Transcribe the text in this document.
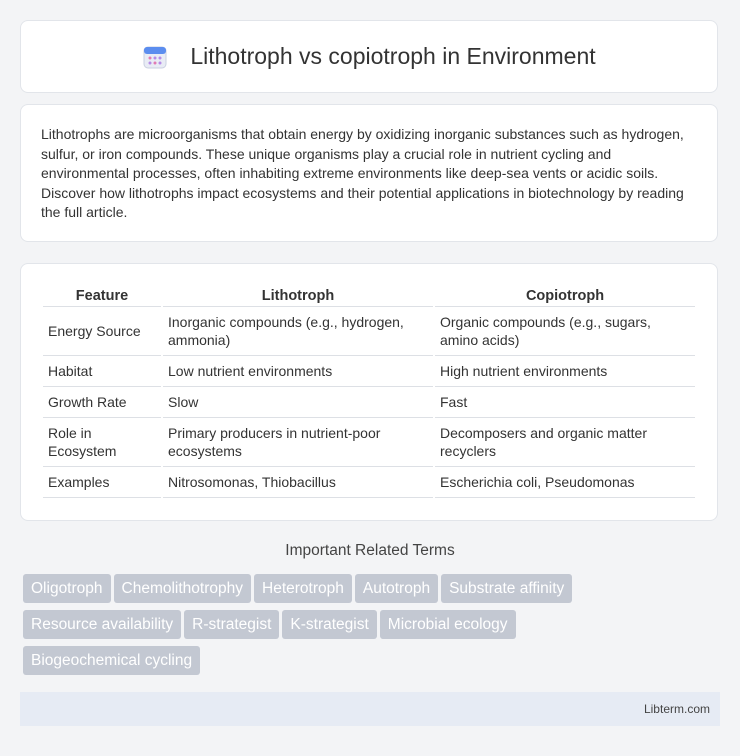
Lithotroph vs copiotroph in Environment

Lithotrophs are microorganisms that obtain energy by oxidizing inorganic substances such as hydrogen, sulfur, or iron compounds. These unique organisms play a crucial role in nutrient cycling and environmental processes, often inhabiting extreme environments like deep-sea vents or acidic soils. Discover how lithotrophs impact ecosystems and their potential applications in biotechnology by reading the full article.

Feature	Lithotroph	Copiotroph
Energy Source	Inorganic compounds (e.g., hydrogen, ammonia)	Organic compounds (e.g., sugars, amino acids)
Habitat	Low nutrient environments	High nutrient environments
Growth Rate	Slow	Fast
Role in Ecosystem	Primary producers in nutrient-poor ecosystems	Decomposers and organic matter recyclers
Examples	Nitrosomonas, Thiobacillus	Escherichia coli, Pseudomonas
Important Related Terms
Oligotroph Chemolithotrophy Heterotroph Autotroph Substrate affinity
Resource availability R-strategist K-strategist Microbial ecology
Biogeochemical cycling
Libterm.com
